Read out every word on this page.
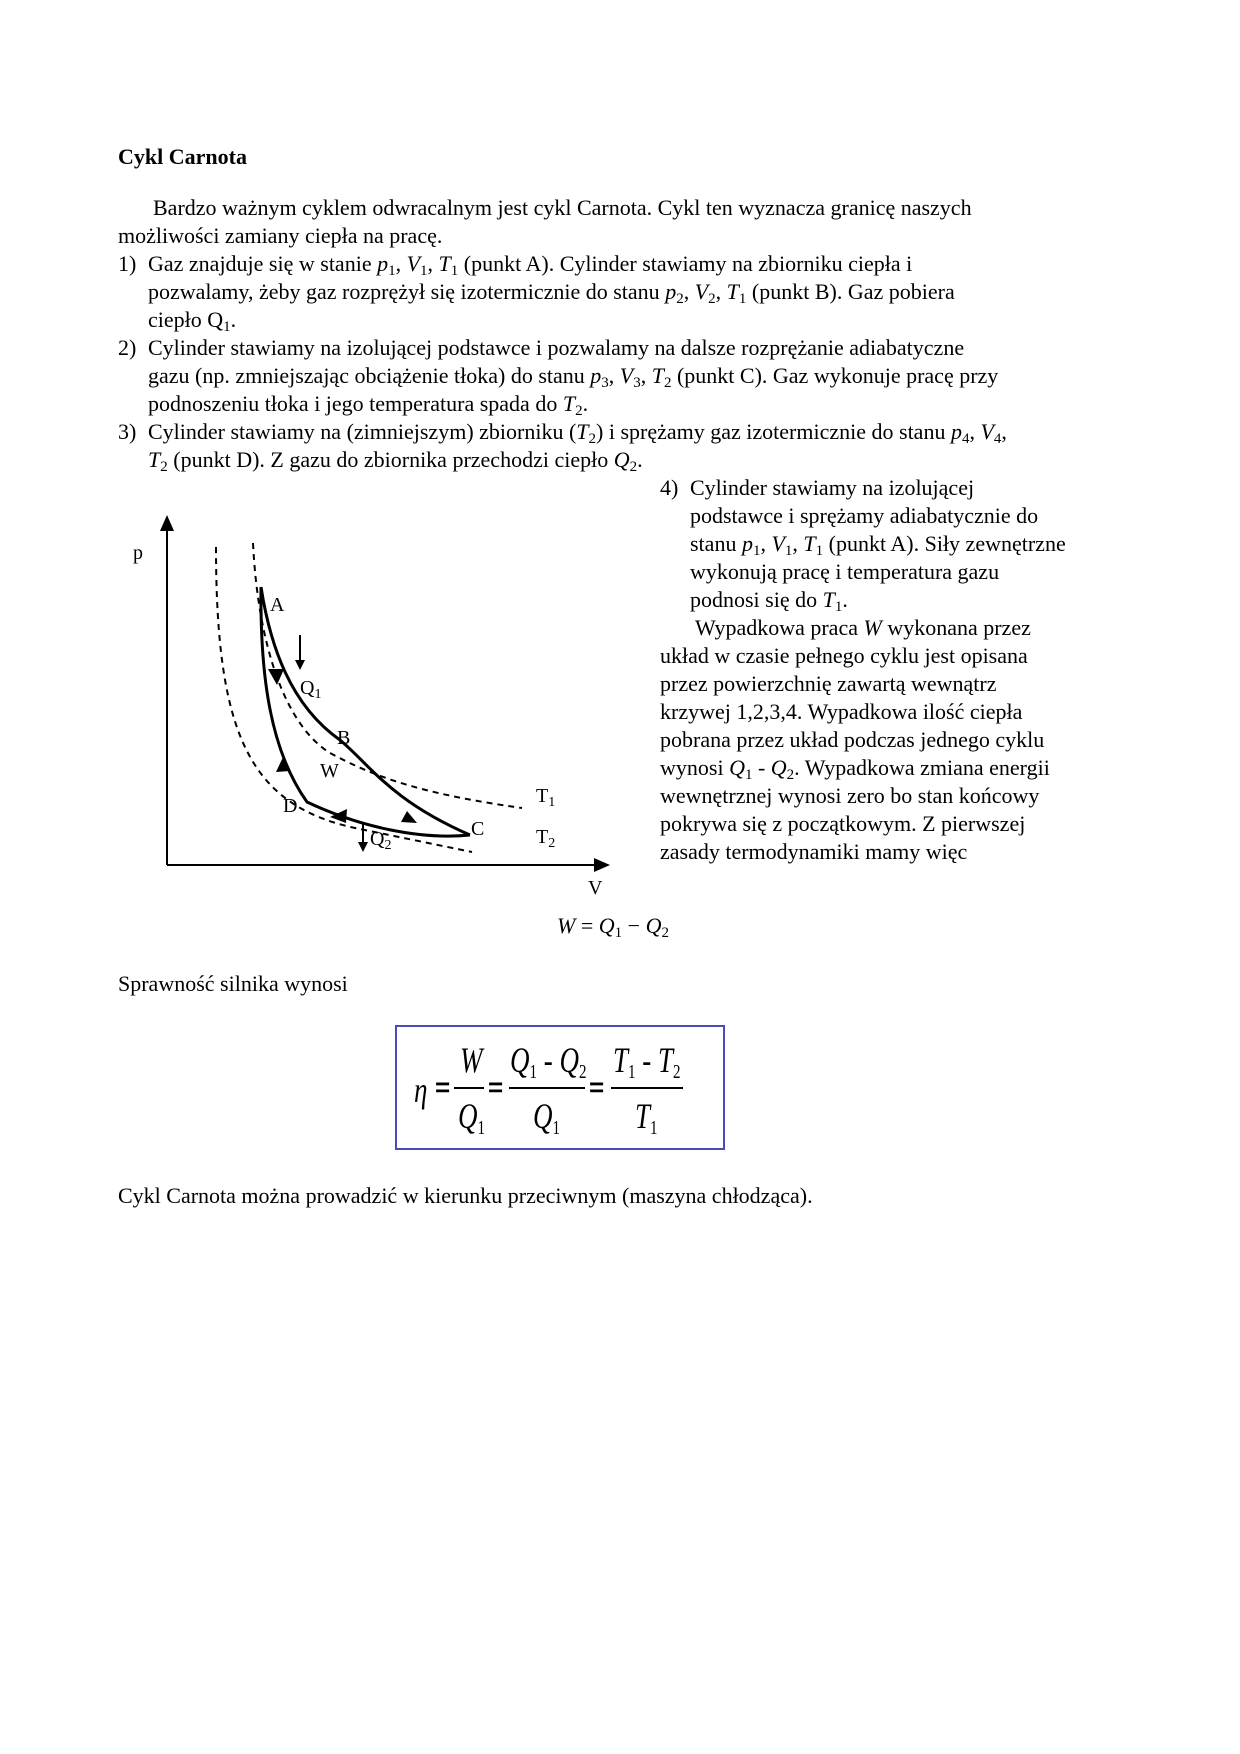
Cykl Carnota
Bardzo ważnym cyklem odwracalnym jest cykl Carnota. Cykl ten wyznacza granicę naszych
możliwości zamiany ciepła na pracę.
1) Gaz znajduje się w stanie $p_1$, $V_1$, $T_1$ (punkt A). Cylinder stawiamy na zbiorniku ciepła i
pozwalamy, żeby gaz rozprężył się izotermicznie do stanu $p_2$, $V_2$, $T_1$ (punkt B). Gaz pobiera
ciepło $Q_1$.
2) Cylinder stawiamy na izolującej podstawce i pozwalamy na dalsze rozprężanie adiabatyczne
gazu (np. zmniejszając obciążenie tłoka) do stanu $p_3$, $V_3$, $T_2$ (punkt C). Gaz wykonuje pracę przy
podnoszeniu tłoka i jego temperatura spada do $T_2$.
3) Cylinder stawiamy na (zimniejszym) zbiorniku $(T_2)$ i sprężamy gaz izotermicznie do stanu $p_4$, $V_4$,
$T_2$ (punkt D). Z gazu do zbiornika przechodzi ciepło $Q_2$.
4) Cylinder stawiamy na izolującej
podstawce i sprężamy adiabatycznie do
stanu $p_1$, $V_1$, $T_1$ (punkt A). Siły zewnętrzne
wykonują pracę i temperatura gazu
podnosi się do $T_1$.
Wypadkowa praca W wykonana przez
układ w czasie pełnego cyklu jest opisana
przez powierzchnię zawartą wewnątrz
krzywej 1,2,3,4. Wypadkowa ilość ciepła
pobrana przez układ podczas jednego cyklu
wynosi $Q_1 - Q_2$. Wypadkowa zmiana energii
wewnętrznej wynosi zero bo stan końcowy
pokrywa się z początkowym. Z pierwszej
zasady termodynamiki mamy więc
$W = Q_1 - Q_2$
p
V
A
B
C
D
W
$Q_1$
$Q_2$
$T_1$
$T_2$
Sprawność silnika wynosi
η =
W
$Q_1$
=
$Q_1 - Q_2$
$Q_1$
=
$T_1 - T_2$
$T_1$
Cykl Carnota można prowadzić w kierunku przeciwnym (maszyna chłodząca).
